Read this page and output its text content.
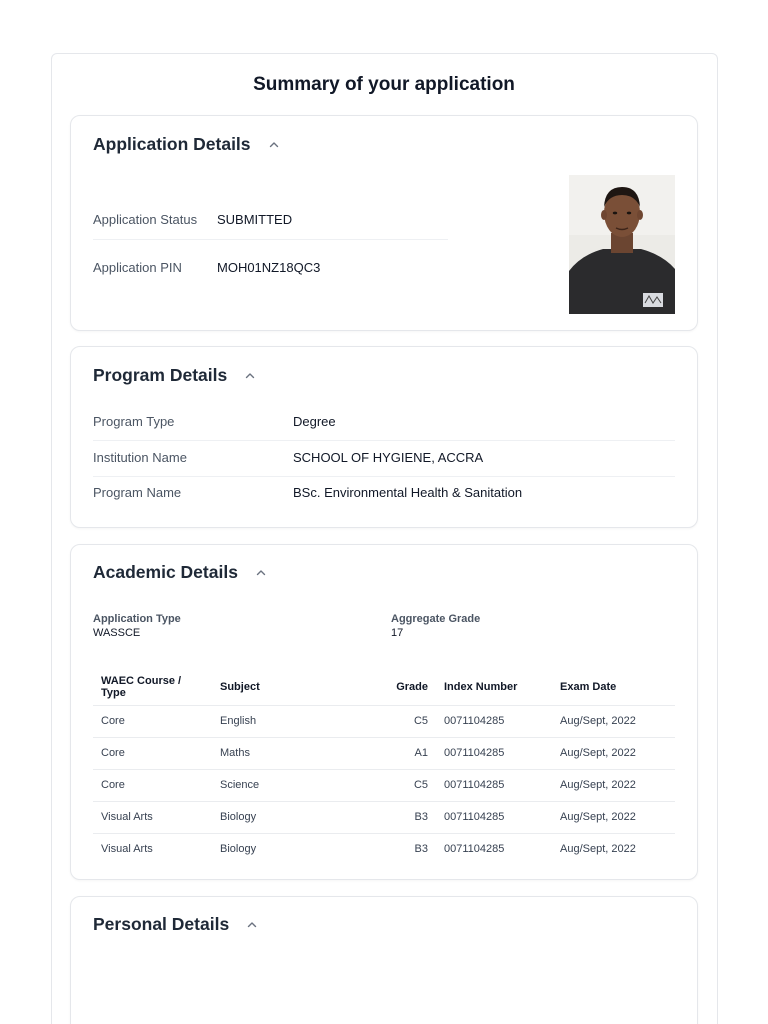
Summary of your application
Application Details
Application Status	SUBMITTED
Application PIN	MOH01NZ18QC3
Program Details
Program Type	Degree
Institution Name	SCHOOL OF HYGIENE, ACCRA
Program Name	BSc. Environmental Health & Sanitation
Academic Details
Application Type
WASSCE
Aggregate Grade
17
WAEC Course / Type	Subject	Grade	Index Number	Exam Date
Core	English	C5	0071104285	Aug/Sept, 2022
Core	Maths	A1	0071104285	Aug/Sept, 2022
Core	Science	C5	0071104285	Aug/Sept, 2022
Visual Arts	Biology	B3	0071104285	Aug/Sept, 2022
Visual Arts	Biology	B3	0071104285	Aug/Sept, 2022
Personal Details
